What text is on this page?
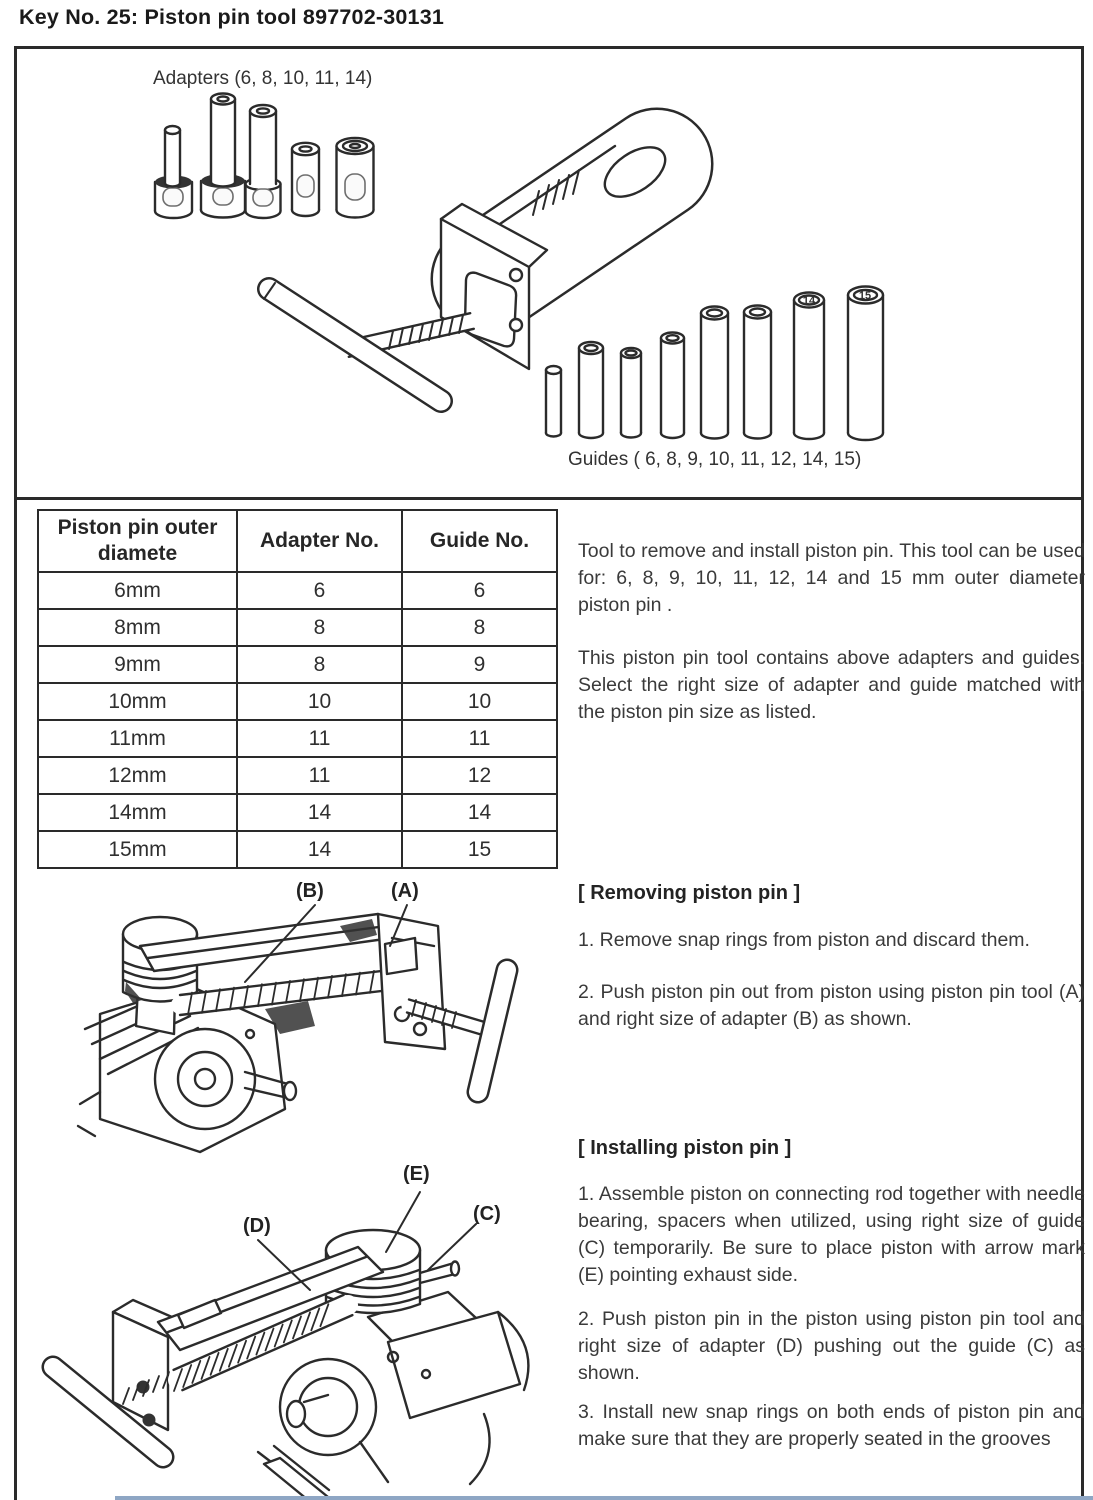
Key No. 25: Piston pin tool 897702-30131
Adapters (6, 8, 10, 11, 14)
14	15
Guides ( 6, 8, 9, 10, 11, 12, 14, 15)
Piston pin outer diamete	Adapter No.	Guide No.
6mm	6	6
8mm	8	8
9mm	8	9
10mm	10	10
11mm	11	11
12mm	11	12
14mm	14	14
15mm	14	15
Tool to remove and install piston pin. This tool can be used for: 6, 8, 9, 10, 11, 12, 14 and 15 mm outer diameter piston pin .
This piston pin tool contains above adapters and guides. Select the right size of adapter and guide matched with the piston pin size as listed.
[ Removing piston pin ]
1. Remove snap rings from piston and discard them.
2. Push piston pin out from piston using piston pin tool (A) and right size of adapter (B) as shown.
[ Installing piston pin ]
1. Assemble piston on connecting rod together with needle bearing, spacers when utilized, using right size of guide (C) temporarily. Be sure to place piston with arrow mark (E) pointing exhaust side.
2. Push piston pin in the piston using piston pin tool and right size of adapter (D) pushing out the guide (C) as shown.
3. Install new snap rings on both ends of piston pin and make sure that they are properly seated in the grooves
(B)	(A)
(E)
(C)
(D)
